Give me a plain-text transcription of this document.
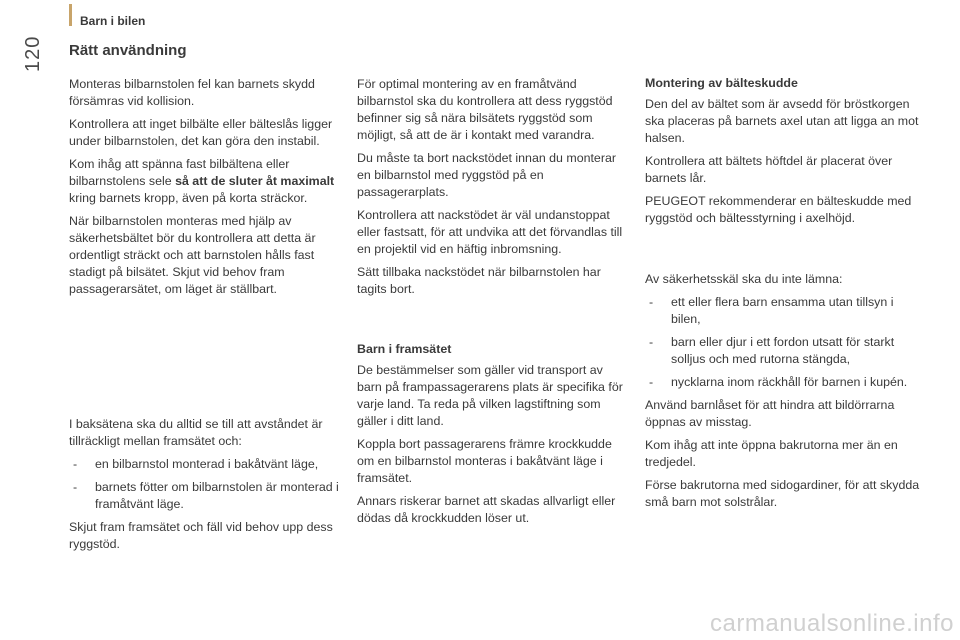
Barn i bilen
120 Rätt användning

Monteras bilbarnstolen fel kan barnets skydd försämras vid kollision.

Kontrollera att inget bilbälte eller bälteslås ligger under bilbarnstolen, det kan göra den instabil.

Kom ihåg att spänna fast bilbältena eller bilbarnstolens sele så att de sluter åt maximalt kring barnets kropp, även på korta sträckor.

När bilbarnstolen monteras med hjälp av säkerhetsbältet bör du kontrollera att detta är ordentligt sträckt och att barnstolen hålls fast stadigt på bilsätet. Skjut vid behov fram passagerarsätet, om läget är ställbart.

I baksätena ska du alltid se till att avståndet är tillräckligt mellan framsätet och:

- en bilbarnstol monterad i bakåtvänt läge,
- barnets fötter om bilbarnstolen är monterad i framåtvänt läge.

Skjut fram framsätet och fäll vid behov upp dess ryggstöd.

För optimal montering av en framåtvänd bilbarnstol ska du kontrollera att dess ryggstöd befinner sig så nära bilsätets ryggstöd som möjligt, så att de är i kontakt med varandra.

Du måste ta bort nackstödet innan du monterar en bilbarnstol med ryggstöd på en passagerarplats.

Kontrollera att nackstödet är väl undanstoppat eller fastsatt, för att undvika att det förvandlas till en projektil vid en häftig inbromsning.

Sätt tillbaka nackstödet när bilbarnstolen har tagits bort.

Barn i framsätet

De bestämmelser som gäller vid transport av barn på frampassagerarens plats är specifika för varje land. Ta reda på vilken lagstiftning som gäller i ditt land.

Koppla bort passagerarens främre krockkudde om en bilbarnstol monteras i bakåtvänt läge i framsätet.

Annars riskerar barnet att skadas allvarligt eller dödas då krockkudden löser ut.

Montering av bälteskudde

Den del av bältet som är avsedd för bröstkorgen ska placeras på barnets axel utan att ligga an mot halsen.

Kontrollera att bältets höftdel är placerat över barnets lår.

PEUGEOT rekommenderar en bälteskudde med ryggstöd och bältesstyrning i axelhöjd.

Av säkerhetsskäl ska du inte lämna:

- ett eller flera barn ensamma utan tillsyn i bilen,
- barn eller djur i ett fordon utsatt för starkt solljus och med rutorna stängda,
- nycklarna inom räckhåll för barnen i kupén.

Använd barnlåset för att hindra att bildörrarna öppnas av misstag.

Kom ihåg att inte öppna bakrutorna mer än en tredjedel.

Förse bakrutorna med sidogardiner, för att skydda små barn mot solstrålar.

carmanualsonline.info
